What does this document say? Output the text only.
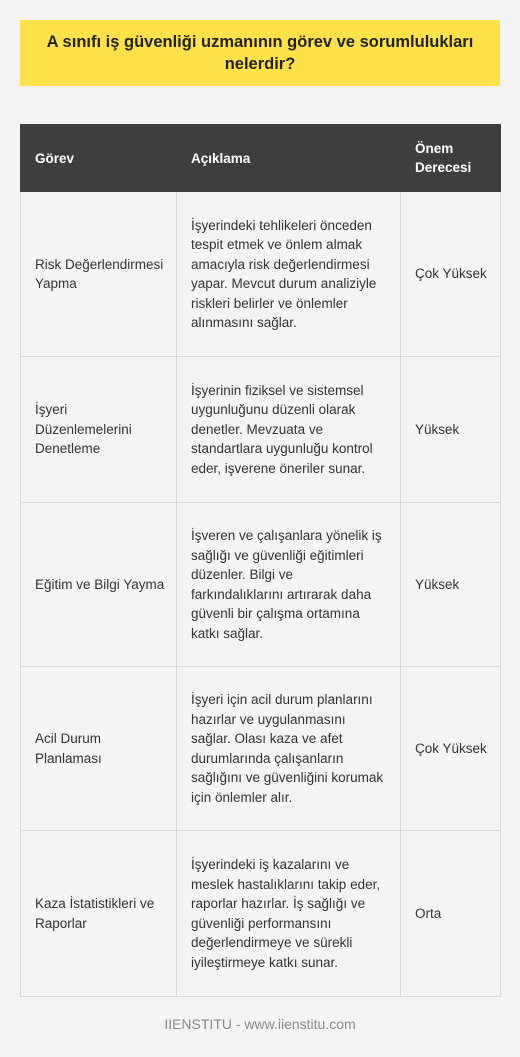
A sınıfı iş güvenliği uzmanının görev ve sorumlulukları nelerdir?
Görev	Açıklama	Önem Derecesi
Risk Değerlendirmesi Yapma	İşyerindeki tehlikeleri önceden tespit etmek ve önlem almak amacıyla risk değerlendirmesi yapar. Mevcut durum analiziyle riskleri belirler ve önlemler alınmasını sağlar.	Çok Yüksek
İşyeri Düzenlemelerini Denetleme	İşyerinin fiziksel ve sistemsel uygunluğunu düzenli olarak denetler. Mevzuata ve standartlara uygunluğu kontrol eder, işverene öneriler sunar.	Yüksek
Eğitim ve Bilgi Yayma	İşveren ve çalışanlara yönelik iş sağlığı ve güvenliği eğitimleri düzenler. Bilgi ve farkındalıklarını artırarak daha güvenli bir çalışma ortamına katkı sağlar.	Yüksek
Acil Durum Planlaması	İşyeri için acil durum planlarını hazırlar ve uygulanmasını sağlar. Olası kaza ve afet durumlarında çalışanların sağlığını ve güvenliğini korumak için önlemler alır.	Çok Yüksek
Kaza İstatistikleri ve Raporlar	İşyerindeki iş kazalarını ve meslek hastalıklarını takip eder, raporlar hazırlar. İş sağlığı ve güvenliği performansını değerlendirmeye ve sürekli iyileştirmeye katkı sunar.	Orta
IIENSTITU - www.iienstitu.com
